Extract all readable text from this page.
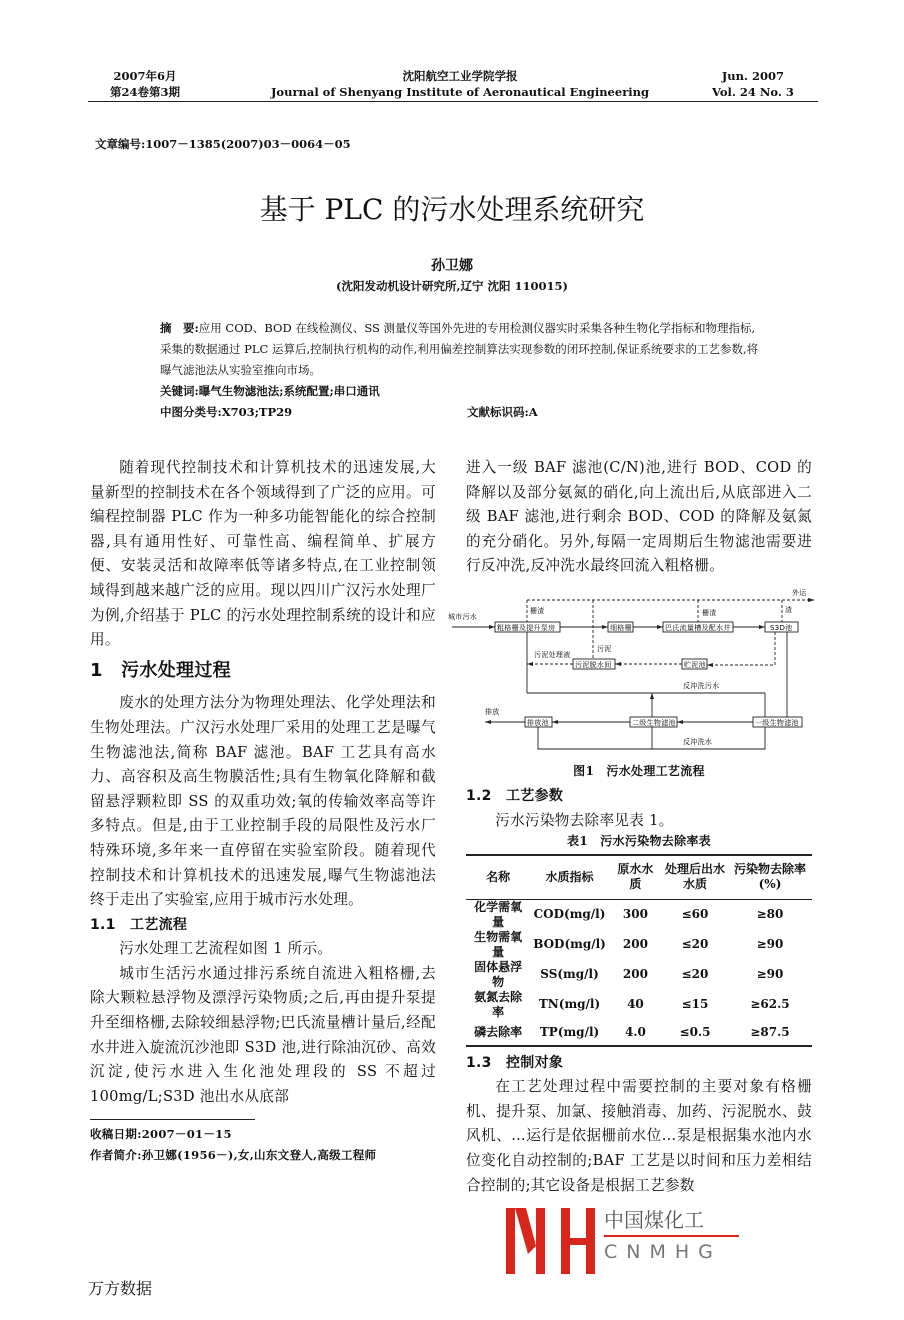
2007年6月
第24卷第3期
沈阳航空工业学院学报
Journal of Shenyang Institute of Aeronautical Engineering
Jun. 2007
Vol. 24 No. 3
文章编号:1007－1385(2007)03－0064－05
基于 PLC 的污水处理系统研究
孙卫娜
(沈阳发动机设计研究所,辽宁 沈阳 110015)
摘　要:应用 COD、BOD 在线检测仪、SS 测量仪等国外先进的专用检测仪器实时采集各种生物化学指标和物理指标,采集的数据通过 PLC 运算后,控制执行机构的动作,利用偏差控制算法实现参数的闭环控制,保证系统要求的工艺参数,将曝气滤池法从实验室推向市场。
关键词:曝气生物滤池法;系统配置;串口通讯
中图分类号:X703;TP29	文献标识码:A

随着现代控制技术和计算机技术的迅速发展,大量新型的控制技术在各个领域得到了广泛的应用。可编程控制器 PLC 作为一种多功能智能化的综合控制器,具有通用性好、可靠性高、编程简单、扩展方便、安装灵活和故障率低等诸多特点,在工业控制领域得到越来越广泛的应用。现以四川广汉污水处理厂为例,介绍基于 PLC 的污水处理控制系统的设计和应用。

1　污水处理过程

废水的处理方法分为物理处理法、化学处理法和生物处理法。广汉污水处理厂采用的处理工艺是曝气生物滤池法,简称 BAF 滤池。BAF 工艺具有高水力、高容积及高生物膜活性;具有生物氧化降解和截留悬浮颗粒即 SS 的双重功效;氧的传输效率高等许多特点。但是,由于工业控制手段的局限性及污水厂特殊环境,多年来一直停留在实验室阶段。随着现代控制技术和计算机技术的迅速发展,曝气生物滤池法终于走出了实验室,应用于城市污水处理。

1.1　工艺流程

污水处理工艺流程如图 1 所示。

城市生活污水通过排污系统自流进入粗格栅,去除大颗粒悬浮物及漂浮污染物质;之后,再由提升泵提升至细格栅,去除较细悬浮物;巴氏流量槽计量后,经配水井进入旋流沉沙池即 S3D 池,进行除油沉砂、高效沉淀,使污水进入生化池处理段的 SS 不超过 100mg/L;S3D 池出水从底部

收稿日期:2007－01－15
作者简介:孙卫娜(1956－),女,山东文登人,高级工程师

进入一级 BAF 滤池(C/N)池,进行 BOD、COD 的降解以及部分氨氮的硝化,向上流出后,从底部进入二级 BAF 滤池,进行剩余 BOD、COD 的降解及氨氮的充分硝化。另外,每隔一定周期后生物滤池需要进行反冲洗,反冲洗水最终回流入粗格栅。

城市污水
粗格栅及提升泵房	细格栅	巴氏流量槽及配水井	S3D池
外运
栅渣	栅渣	渣
污泥
污泥处理液
污泥脱水间	贮泥池
反冲洗污水
排放
排放池	二级生物滤池	一级生物滤池
反冲洗水
图1　污水处理工艺流程
1.2　工艺参数

污水污染物去除率见表 1。

表1　污水污染物去除率表
名称	水质指标	原水水质	处理后出水水质	污染物去除率(%)
化学需氧量	COD(mg/l)	300	≤60	≥80
生物需氧量	BOD(mg/l)	200	≤20	≥90
固体悬浮物	SS(mg/l)	200	≤20	≥90
氨氮去除率	TN(mg/l)	40	≤15	≥62.5
磷去除率	TP(mg/l)	4.0	≤0.5	≥87.5
1.3　控制对象

在工艺处理过程中需要控制的主要对象有格栅机、提升泵、加氯、接触消毒、加药、污泥脱水、鼓风机、…运行是依据栅前水位…泵是根据集水池内水位变化自动控制的;BAF 工艺是以时间和压力差相结合控制的;其它设备是根据工艺参数

中国煤化工
CNMHG
万方数据
